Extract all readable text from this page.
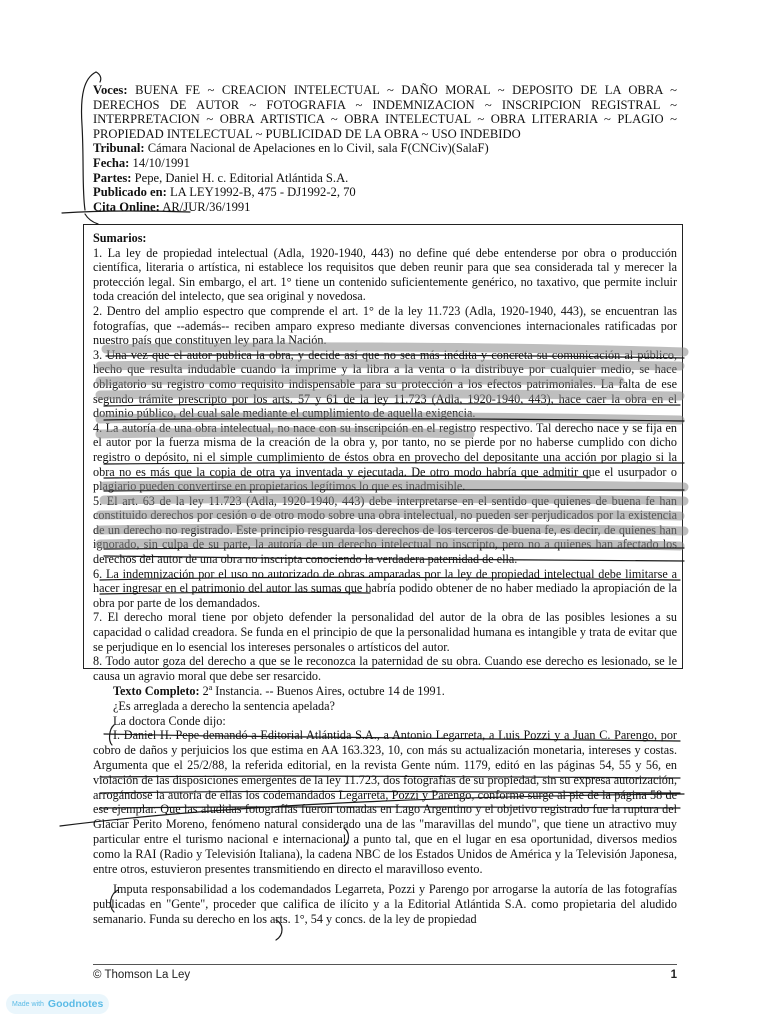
Voces: BUENA FE ~ CREACION INTELECTUAL ~ DAÑO MORAL ~ DEPOSITO DE LA OBRA ~ DERECHOS DE AUTOR ~ FOTOGRAFIA ~ INDEMNIZACION ~ INSCRIPCION REGISTRAL ~ INTERPRETACION ~ OBRA ARTISTICA ~ OBRA INTELECTUAL ~ OBRA LITERARIA ~ PLAGIO ~ PROPIEDAD INTELECTUAL ~ PUBLICIDAD DE LA OBRA ~ USO INDEBIDO

Tribunal: Cámara Nacional de Apelaciones en lo Civil, sala F(CNCiv)(SalaF)

Fecha: 14/10/1991

Partes: Pepe, Daniel H. c. Editorial Atlántida S.A.

Publicado en: LA LEY1992-B, 475 - DJ1992-2, 70

Cita Online: AR/JUR/36/1991

Sumarios:

1. La ley de propiedad intelectual (Adla, 1920-1940, 443) no define qué debe entenderse por obra o producción científica, literaria o artística, ni establece los requisitos que deben reunir para que sea considerada tal y merecer la protección legal. Sin embargo, el art. 1° tiene un contenido suficientemente genérico, no taxativo, que permite incluir toda creación del intelecto, que sea original y novedosa.

2. Dentro del amplio espectro que comprende el art. 1° de la ley 11.723 (Adla, 1920-1940, 443), se encuentran las fotografías, que --además-- reciben amparo expreso mediante diversas convenciones internacionales ratificadas por nuestro país que constituyen ley para la Nación.

3. Una vez que el autor publica la obra, y decide así que no sea más inédita y concreta su comunicación al público, hecho que resulta indudable cuando la imprime y la libra a la venta o la distribuye por cualquier medio, se hace obligatorio su registro como requisito indispensable para su protección a los efectos patrimoniales. La falta de ese segundo trámite prescripto por los arts. 57 y 61 de la ley 11.723 (Adla, 1920-1940, 443), hace caer la obra en el dominio público, del cual sale mediante el cumplimiento de aquella exigencia.

4. La autoría de una obra intelectual, no nace con su inscripción en el registro respectivo. Tal derecho nace y se fija en el autor por la fuerza misma de la creación de la obra y, por tanto, no se pierde por no haberse cumplido con dicho registro o depósito, ni el simple cumplimiento de éstos obra en provecho del depositante una acción por plagio si la obra no es más que la copia de otra ya inventada y ejecutada. De otro modo habría que admitir que el usurpador o plagiario pueden convertirse en propietarios legítimos lo que es inadmisible.

5. El art. 63 de la ley 11.723 (Adla, 1920-1940, 443) debe interpretarse en el sentido que quienes de buena fe han constituido derechos por cesión o de otro modo sobre una obra intelectual, no pueden ser perjudicados por la existencia de un derecho no registrado. Este principio resguarda los derechos de los terceros de buena fe, es decir, de quienes han ignorado, sin culpa de su parte, la autoría de un derecho intelectual no inscripto, pero no a quienes han afectado los derechos del autor de una obra no inscripta conociendo la verdadera paternidad de ella.

6. La indemnización por el uso no autorizado de obras amparadas por la ley de propiedad intelectual debe limitarse a hacer ingresar en el patrimonio del autor las sumas que habría podido obtener de no haber mediado la apropiación de la obra por parte de los demandados.

7. El derecho moral tiene por objeto defender la personalidad del autor de la obra de las posibles lesiones a su capacidad o calidad creadora. Se funda en el principio de que la personalidad humana es intangible y trata de evitar que se perjudique en lo esencial los intereses personales o artísticos del autor.

8. Todo autor goza del derecho a que se le reconozca la paternidad de su obra. Cuando ese derecho es lesionado, se le causa un agravio moral que debe ser resarcido.

Texto Completo: 2$^a$ Instancia. -- Buenos Aires, octubre 14 de 1991.

¿Es arreglada a derecho la sentencia apelada?

La doctora Conde dijo:

I. Daniel H. Pepe demandó a Editorial Atlántida S.A., a Antonio Legarreta, a Luis Pozzi y a Juan C. Parengo, por cobro de daños y perjuicios los que estima en AA 163.323, 10, con más su actualización monetaria, intereses y costas. Argumenta que el 25/2/88, la referida editorial, en la revista Gente núm. 1179, editó en las páginas 54, 55 y 56, en violación de las disposiciones emergentes de la ley 11.723, dos fotografías de su propiedad, sin su expresa autorización, arrogándose la autoría de ellas los codemandados Legarreta, Pozzi y Parengo, conforme surge al pie de la página 58 de ese ejemplar. Que las aludidas fotografías fueron tomadas en Lago Argentino y el objetivo registrado fue la ruptura del Glaciar Perito Moreno, fenómeno natural considerado una de las "maravillas del mundo", que tiene un atractivo muy particular entre el turismo nacional e internacional, a punto tal, que en el lugar en esa oportunidad, diversos medios como la RAI (Radio y Televisión Italiana), la cadena NBC de los Estados Unidos de América y la Televisión Japonesa, entre otros, estuvieron presentes transmitiendo en directo el maravilloso evento.

Imputa responsabilidad a los codemandados Legarreta, Pozzi y Parengo por arrogarse la autoría de las fotografías publicadas en "Gente", proceder que califica de ilícito y a la Editorial Atlántida S.A. como propietaria del aludido semanario. Funda su derecho en los arts. 1°, 54 y concs. de la ley de propiedad

© Thomson La Ley	1
Made with Goodnotes
